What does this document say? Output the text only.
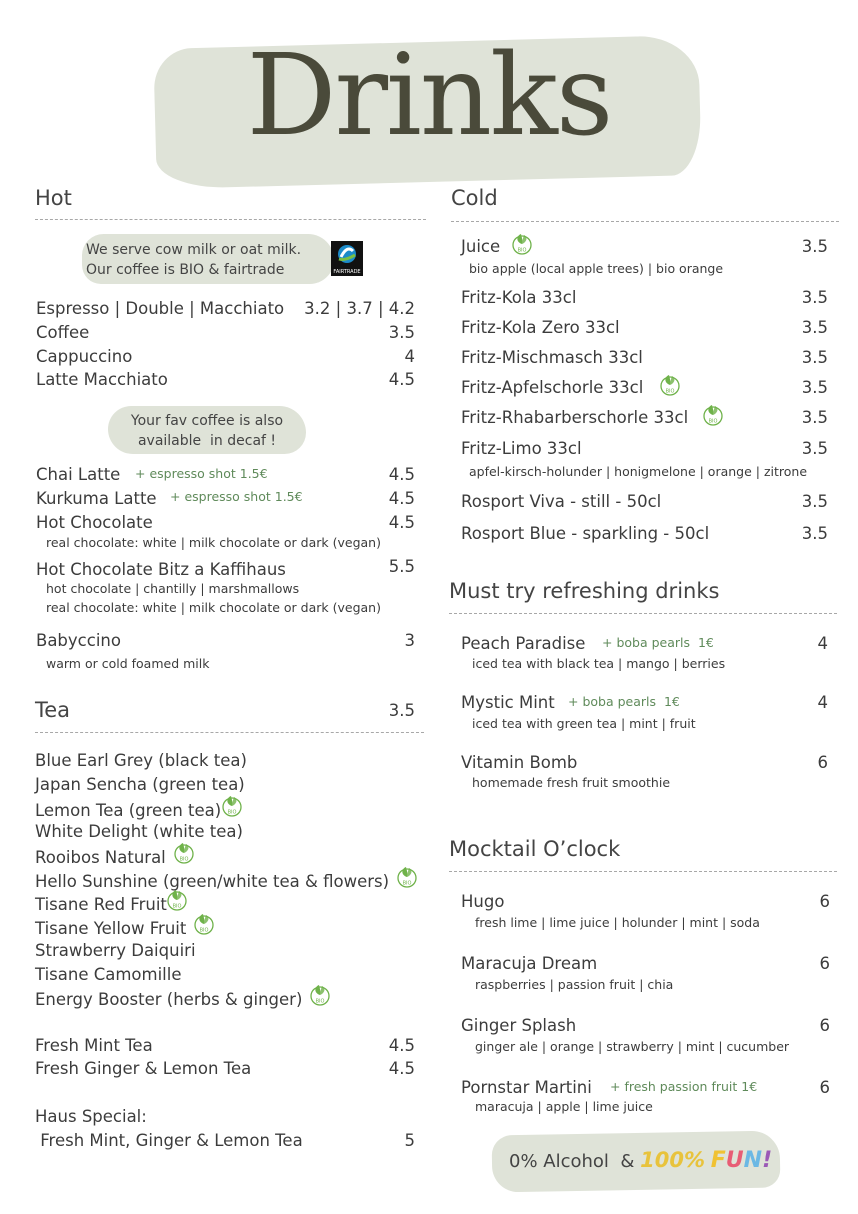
Drinks
Hot
We serve cow milk or oat milk.
Our coffee is BIO & fairtrade	FAIRTRADE
Espresso | Double | Macchiato 3.2 | 3.7 | 4.2
Coffee	3.5
Cappuccino	4
Latte Macchiato	4.5
Your fav coffee is also
available  in decaf !
Chai Latte + espresso shot 1.5€	4.5
Kurkuma Latte + espresso shot 1.5€	4.5
Hot Chocolate	4.5
real chocolate: white | milk chocolate or dark (vegan)
Hot Chocolate Bitz a Kaffihaus	5.5
hot chocolate | chantilly | marshmallows
real chocolate: white | milk chocolate or dark (vegan)
Babyccino	3
warm or cold foamed milk
Tea	3.5
Blue Earl Grey (black tea)
Japan Sencha (green tea)
Lemon Tea (green tea) BIO
White Delight (white tea)
Rooibos Natural	BIO
Hello Sunshine (green/white tea & flowers)	BIO
Tisane Red Fruit BIO
Tisane Yellow Fruit	BIO
Strawberry Daiquiri
Tisane Camomille
Energy Booster (herbs & ginger)	BIO
Fresh Mint Tea	4.5
Fresh Ginger & Lemon Tea	4.5
Haus Special:
Fresh Mint, Ginger & Lemon Tea	5
Cold
Juice	BIO	3.5
bio apple (local apple trees) | bio orange
Fritz-Kola 33cl	3.5
Fritz-Kola Zero 33cl	3.5
Fritz-Mischmasch 33cl	3.5
Fritz-Apfelschorle 33cl	BIO	3.5
Fritz-Rhabarberschorle 33cl	BIO	3.5
Fritz-Limo 33cl	3.5
apfel-kirsch-holunder | honigmelone | orange | zitrone
Rosport Viva - still - 50cl	3.5
Rosport Blue - sparkling - 50cl	3.5
Must try refreshing drinks
Peach Paradise + boba pearls  1€	4
iced tea with black tea | mango | berries
Mystic Mint + boba pearls  1€	4
iced tea with green tea | mint | fruit
Vitamin Bomb	6
homemade fresh fruit smoothie
Mocktail O’clock
Hugo	6
fresh lime | lime juice | holunder | mint | soda
Maracuja Dream	6
raspberries | passion fruit | chia
Ginger Splash	6
ginger ale | orange | strawberry | mint | cucumber
Pornstar Martini + fresh passion fruit 1€	6
maracuja | apple | lime juice
0% Alcohol  & 100% FUN!
